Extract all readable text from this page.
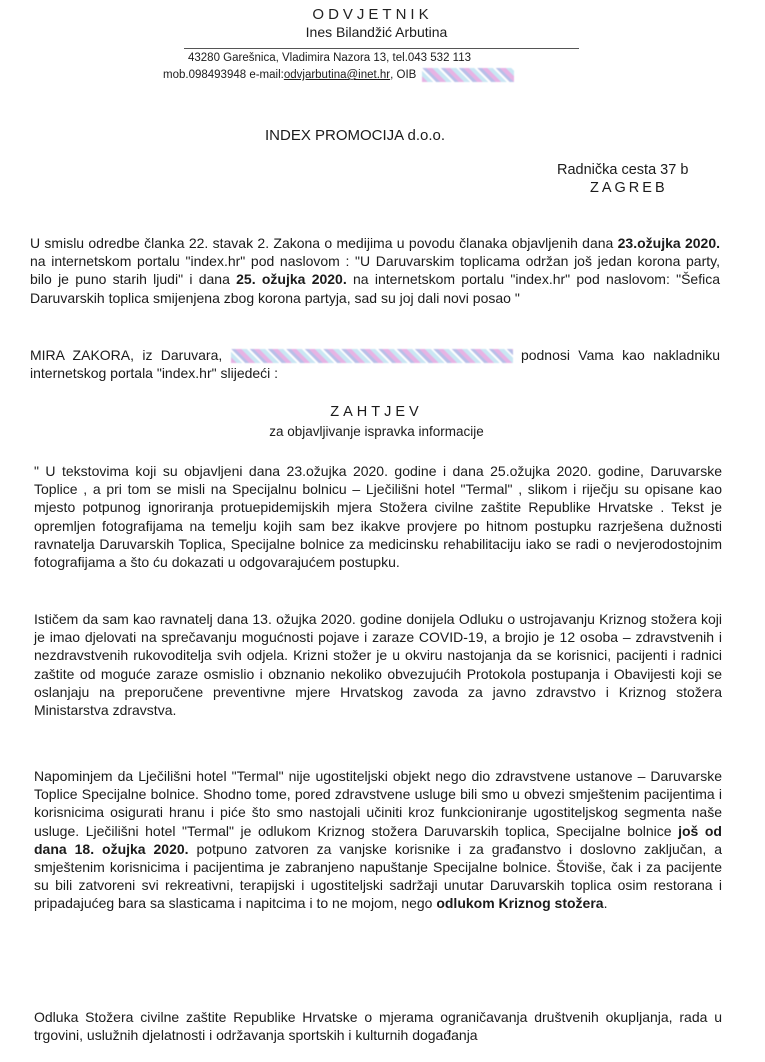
ODVJETNIK
Ines Bilandžić Arbutina
43280 Garešnica, Vladimira Nazora 13, tel.043 532 113
mob.098493948 e-mail: odvjarbutina@inet.hr , OIB
INDEX PROMOCIJA d.o.o.
Radnička cesta 37 b
ZAGREB
U smislu odredbe članka 22. stavak 2. Zakona o medijima u povodu članaka objavljenih dana 23.ožujka 2020. na internetskom portalu "index.hr" pod naslovom : "U Daruvarskim toplicama održan još jedan korona party, bilo je puno starih ljudi" i dana 25. ožujka 2020. na internetskom portalu "index.hr" pod naslovom: "Šefica Daruvarskih toplica smijenjena zbog korona partyja, sad su joj dali novi posao "
MIRA ZAKORA, iz Daruvara,	podnosi Vama kao nakladniku internetskog portala "index.hr" slijedeći :
ZAHTJEV
za objavljivanje ispravka informacije
" U tekstovima koji su objavljeni dana 23.ožujka 2020. godine i dana 25.ožujka 2020. godine, Daruvarske Toplice , a pri tom se misli na Specijalnu bolnicu – Lječilišni hotel "Termal" , slikom i riječju su opisane kao mjesto potpunog ignoriranja protuepidemijskih mjera Stožera civilne zaštite Republike Hrvatske . Tekst je opremljen fotografijama na temelju kojih sam bez ikakve provjere po hitnom postupku razrješena dužnosti ravnatelja Daruvarskih Toplica, Specijalne bolnice za medicinsku rehabilitaciju iako se radi o nevjerodostojnim fotografijama a što ću dokazati u odgovarajućem postupku.
Ističem da sam kao ravnatelj dana 13. ožujka 2020. godine donijela Odluku o ustrojavanju Kriznog stožera koji je imao djelovati na sprečavanju mogućnosti pojave i zaraze COVID-19, a brojio je 12 osoba – zdravstvenih i nezdravstvenih rukovoditelja svih odjela. Krizni stožer je u okviru nastojanja da se korisnici, pacijenti i radnici zaštite od moguće zaraze osmislio i obznanio nekoliko obvezujućih Protokola postupanja i Obavijesti koji se oslanjaju na preporučene preventivne mjere Hrvatskog zavoda za javno zdravstvo i Kriznog stožera Ministarstva zdravstva.
Napominjem da Lječilišni hotel "Termal" nije ugostiteljski objekt nego dio zdravstvene ustanove – Daruvarske Toplice Specijalne bolnice. Shodno tome, pored zdravstvene usluge bili smo u obvezi smještenim pacijentima i korisnicima osigurati hranu i piće što smo nastojali učiniti kroz funkcioniranje ugostiteljskog segmenta naše usluge. Lječilišni hotel "Termal" je odlukom Kriznog stožera Daruvarskih toplica, Specijalne bolnice još od dana 18. ožujka 2020. potpuno zatvoren za vanjske korisnike i za građanstvo i doslovno zaključan, a smještenim korisnicima i pacijentima je zabranjeno napuštanje Specijalne bolnice. Štoviše, čak i za pacijente su bili zatvoreni svi rekreativni, terapijski i ugostiteljski sadržaji unutar Daruvarskih toplica osim restorana i pripadajućeg bara sa slasticama i napitcima i to ne mojom, nego odlukom Kriznog stožera.
Odluka Stožera civilne zaštite Republike Hrvatske o mjerama ograničavanja društvenih okupljanja, rada u trgovini, uslužnih djelatnosti i održavanja sportskih i kulturnih događanja
